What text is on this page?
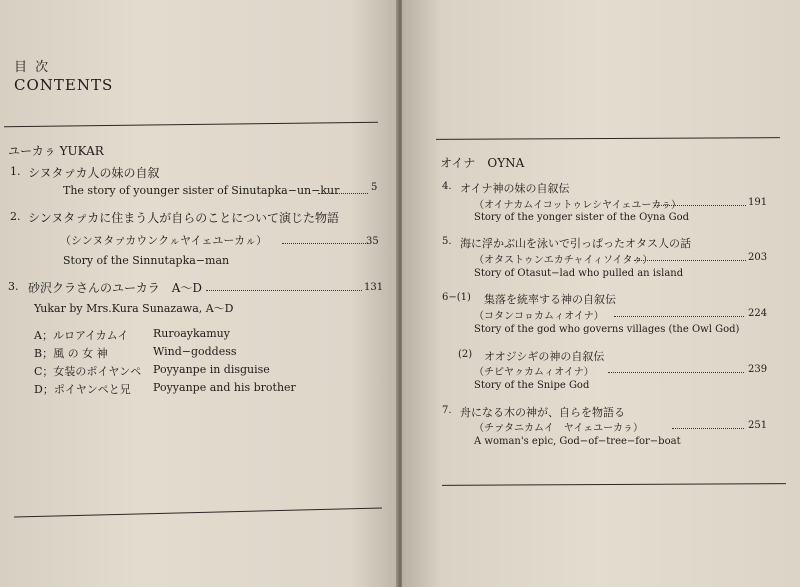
目 次
CONTENTS
ユーカㇻ YUKAR
1. シヌタㇷ゚カ人の妹の自叙
The story of younger sister of Sinutapka−un−kur	5
2. シンヌタㇷ゚カに住まう人が自らのことについて演じた物語
（シンヌタㇷ゚カウンクㇽヤイェユーカㇽ）	35
Story of the Sinnutapka−man
3. 砂沢クラさんのユーカラ　A〜D	131
Yukar by Mrs.Kura Sunazawa, A〜D
A；ルロアイカムイ Ruroaykamuy
B；風 の 女 神	Wind−goddess
C；女装のポイヤンペ Poyyanpe in disguise
D；ポイヤンペと兄 Poyyanpe and his brother
オイナ　OYNA
4. オイナ神の妹の自叙伝
（オイナカムイコットゥレシヤイェユーカㇻ）	191
Story of the yonger sister of the Oyna God
5. 海に浮かぶ山を泳いで引っぱったオタス人の話
（オタストゥンエカチャイィソイタㇰ）	203
Story of Otasut−lad who pulled an island
6−(1) 集落を統率する神の自叙伝
（コタンコㇿカムィオイナ）	224
Story of the god who governs villages (the Owl God)
(2) オオジシギの神の自叙伝
（チピヤㇰカムィオイナ）	239
Story of the Snipe God
7. 舟になる木の神が、自らを物語る
（チㇷ゚タニカムイ　ヤイェユーカㇻ）	251
A woman's epic, God−of−tree−for−boat
